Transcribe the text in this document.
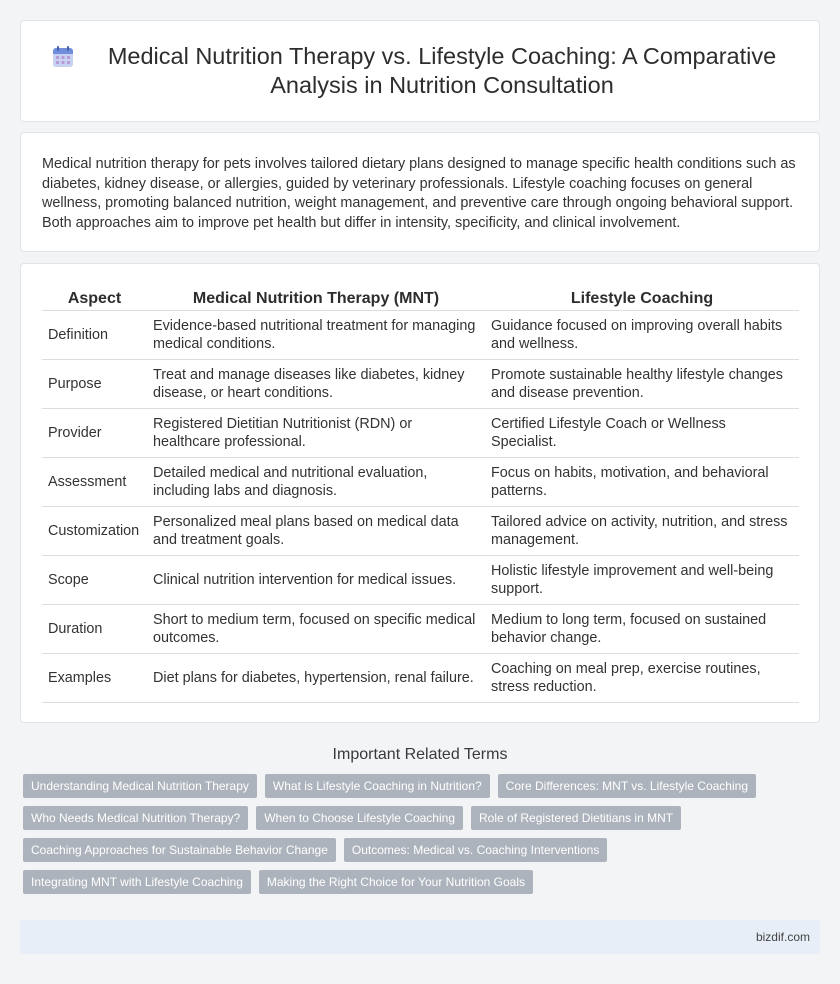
Medical Nutrition Therapy vs. Lifestyle Coaching: A Comparative Analysis in Nutrition Consultation

Medical nutrition therapy for pets involves tailored dietary plans designed to manage specific health conditions such as diabetes, kidney disease, or allergies, guided by veterinary professionals. Lifestyle coaching focuses on general wellness, promoting balanced nutrition, weight management, and preventive care through ongoing behavioral support. Both approaches aim to improve pet health but differ in intensity, specificity, and clinical involvement.

Aspect	Medical Nutrition Therapy (MNT)	Lifestyle Coaching
Definition	Evidence-based nutritional treatment for managing medical conditions.	Guidance focused on improving overall habits and wellness.
Purpose	Treat and manage diseases like diabetes, kidney disease, or heart conditions.	Promote sustainable healthy lifestyle changes and disease prevention.
Provider	Registered Dietitian Nutritionist (RDN) or healthcare professional.	Certified Lifestyle Coach or Wellness Specialist.
Assessment	Detailed medical and nutritional evaluation, including labs and diagnosis.	Focus on habits, motivation, and behavioral patterns.
Customization	Personalized meal plans based on medical data and treatment goals.	Tailored advice on activity, nutrition, and stress management.
Scope	Clinical nutrition intervention for medical issues.	Holistic lifestyle improvement and well-being support.
Duration	Short to medium term, focused on specific medical outcomes.	Medium to long term, focused on sustained behavior change.
Examples	Diet plans for diabetes, hypertension, renal failure.	Coaching on meal prep, exercise routines, stress reduction.
Important Related Terms
Understanding Medical Nutrition Therapy	What is Lifestyle Coaching in Nutrition?	Core Differences: MNT vs. Lifestyle Coaching
Who Needs Medical Nutrition Therapy?	When to Choose Lifestyle Coaching	Role of Registered Dietitians in MNT
Coaching Approaches for Sustainable Behavior Change	Outcomes: Medical vs. Coaching Interventions
Integrating MNT with Lifestyle Coaching	Making the Right Choice for Your Nutrition Goals
bizdif.com
